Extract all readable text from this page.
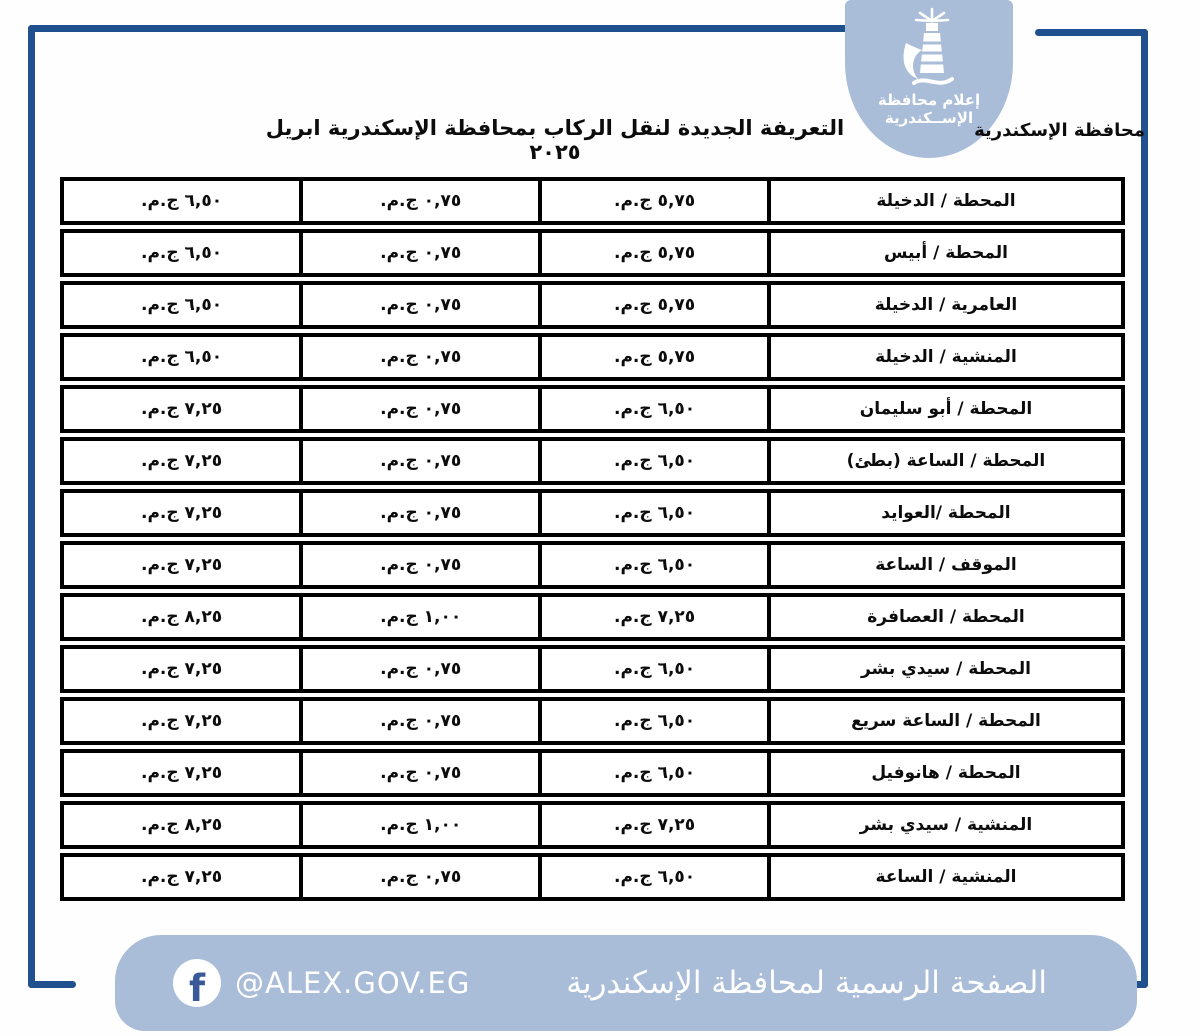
إعلام محافظة
الإســكندرية
محافظة الإسكندرية
التعريفة الجديدة لنقل الركاب بمحافظة الإسكندرية ابريل ٢٠٢٥
المحطة / الدخيلة
٥,٧٥ ج.م.
٠,٧٥ ج.م.
٦,٥٠ ج.م.
المحطة / أبيس
٥,٧٥ ج.م.
٠,٧٥ ج.م.
٦,٥٠ ج.م.
العامرية / الدخيلة
٥,٧٥ ج.م.
٠,٧٥ ج.م.
٦,٥٠ ج.م.
المنشية / الدخيلة
٥,٧٥ ج.م.
٠,٧٥ ج.م.
٦,٥٠ ج.م.
المحطة / أبو سليمان
٦,٥٠ ج.م.
٠,٧٥ ج.م.
٧,٢٥ ج.م.
المحطة / الساعة (بطئ)
٦,٥٠ ج.م.
٠,٧٥ ج.م.
٧,٢٥ ج.م.
المحطة /العوايد
٦,٥٠ ج.م.
٠,٧٥ ج.م.
٧,٢٥ ج.م.
الموقف / الساعة
٦,٥٠ ج.م.
٠,٧٥ ج.م.
٧,٢٥ ج.م.
المحطة / العصافرة
٧,٢٥ ج.م.
١,٠٠ ج.م.
٨,٢٥ ج.م.
المحطة / سيدي بشر
٦,٥٠ ج.م.
٠,٧٥ ج.م.
٧,٢٥ ج.م.
المحطة / الساعة سريع
٦,٥٠ ج.م.
٠,٧٥ ج.م.
٧,٢٥ ج.م.
المحطة / هانوفيل
٦,٥٠ ج.م.
٠,٧٥ ج.م.
٧,٢٥ ج.م.
المنشية / سيدي بشر
٧,٢٥ ج.م.
١,٠٠ ج.م.
٨,٢٥ ج.م.
المنشية / الساعة
٦,٥٠ ج.م.
٠,٧٥ ج.م.
٧,٢٥ ج.م.
الصفحة الرسمية لمحافظة الإسكندرية
f	@ALEX.GOV.EG
